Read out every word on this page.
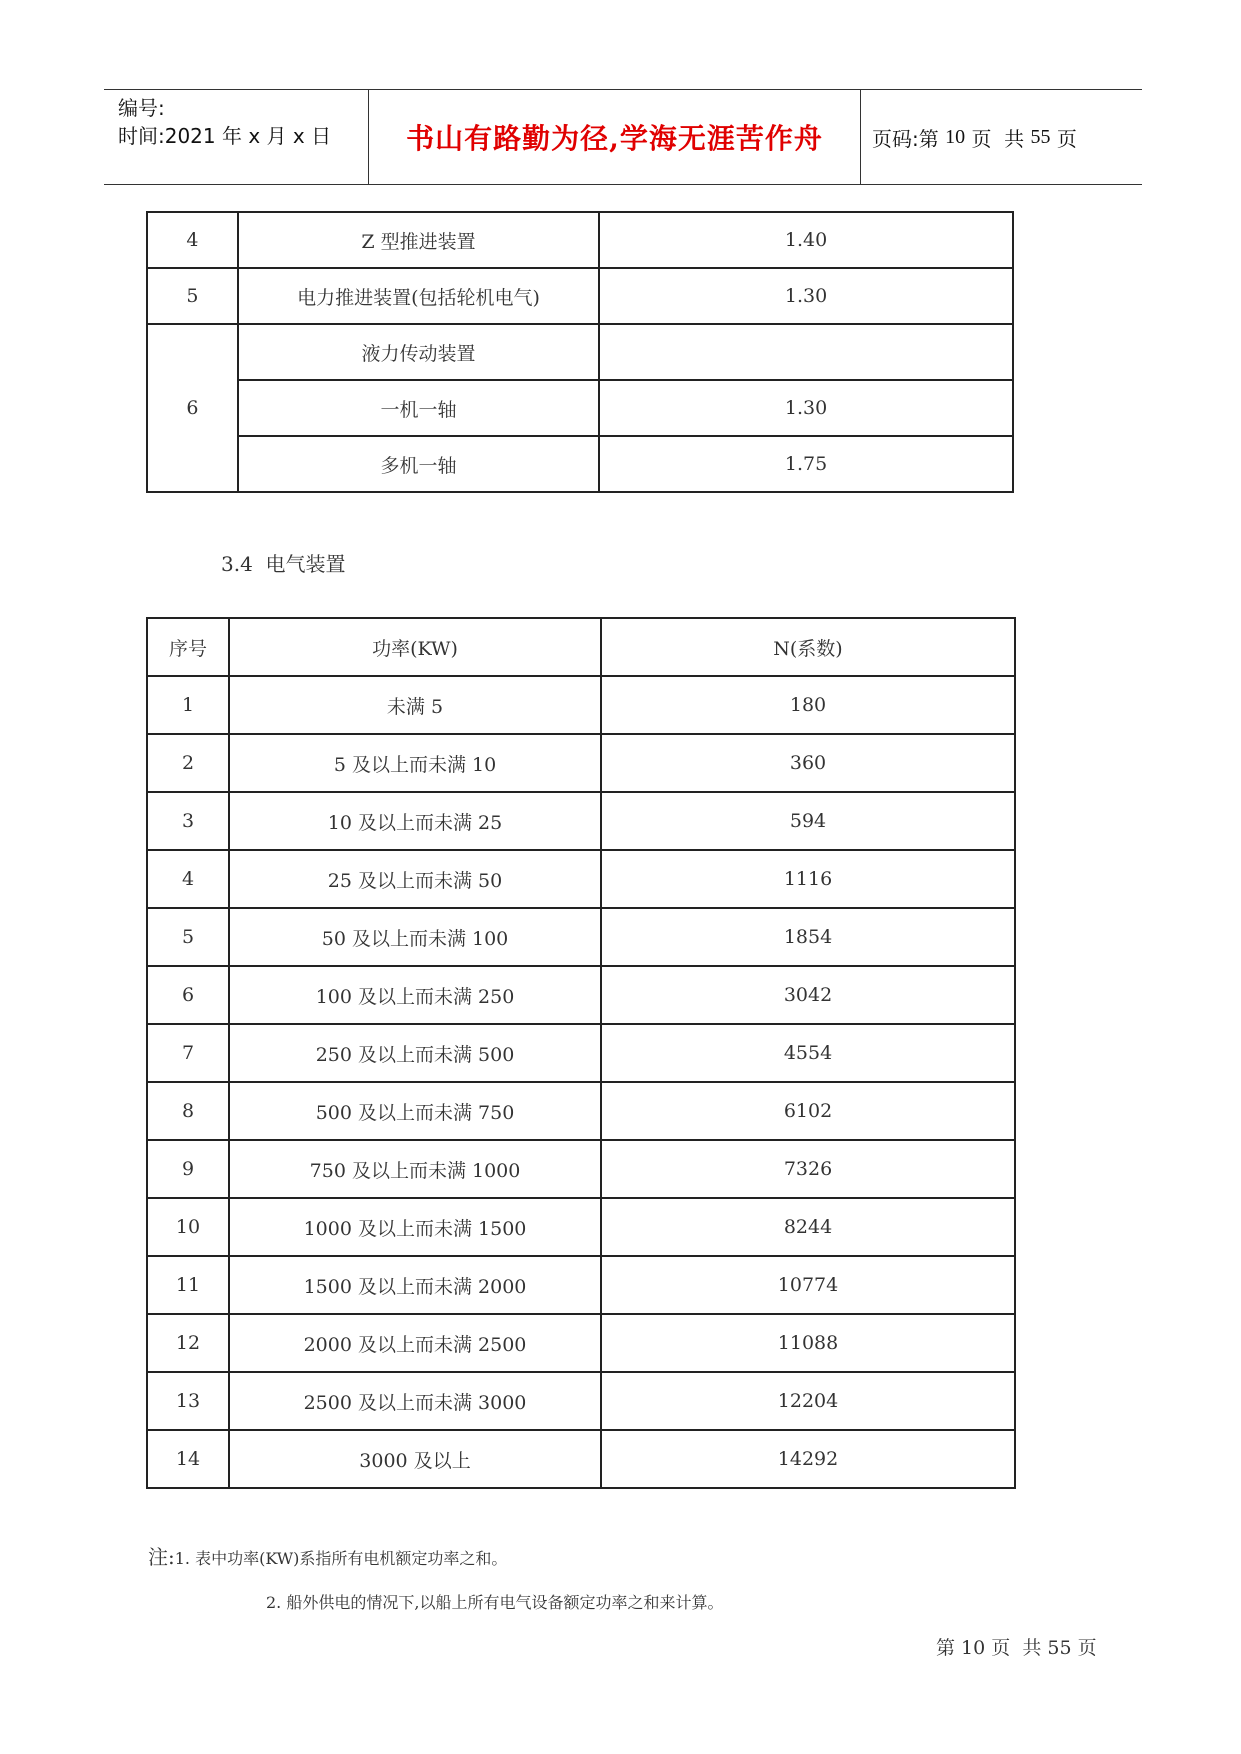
编号:
时间:2021 年 x 月 x 日	书山有路勤为径,学海无涯苦作舟	页码:第 10 页  共 55 页
4	Z 型推进装置	1.40
5	电力推进装置(包括轮机电气)	1.30
6	液力传动装置	
	一机一轴	1.30
	多机一轴	1.75
3.4  电气装置
序号	功率(KW)	N(系数)
1	未满 5	180
2	5 及以上而未满 10	360
3	10 及以上而未满 25	594
4	25 及以上而未满 50	1116
5	50 及以上而未满 100	1854
6	100 及以上而未满 250	3042
7	250 及以上而未满 500	4554
8	500 及以上而未满 750	6102
9	750 及以上而未满 1000	7326
10	1000 及以上而未满 1500	8244
11	1500 及以上而未满 2000	10774
12	2000 及以上而未满 2500	11088
13	2500 及以上而未满 3000	12204
14	3000 及以上	14292
注:1. 表中功率(KW)系指所有电机额定功率之和。
2. 船外供电的情况下,以船上所有电气设备额定功率之和来计算。
第 10 页  共 55 页
